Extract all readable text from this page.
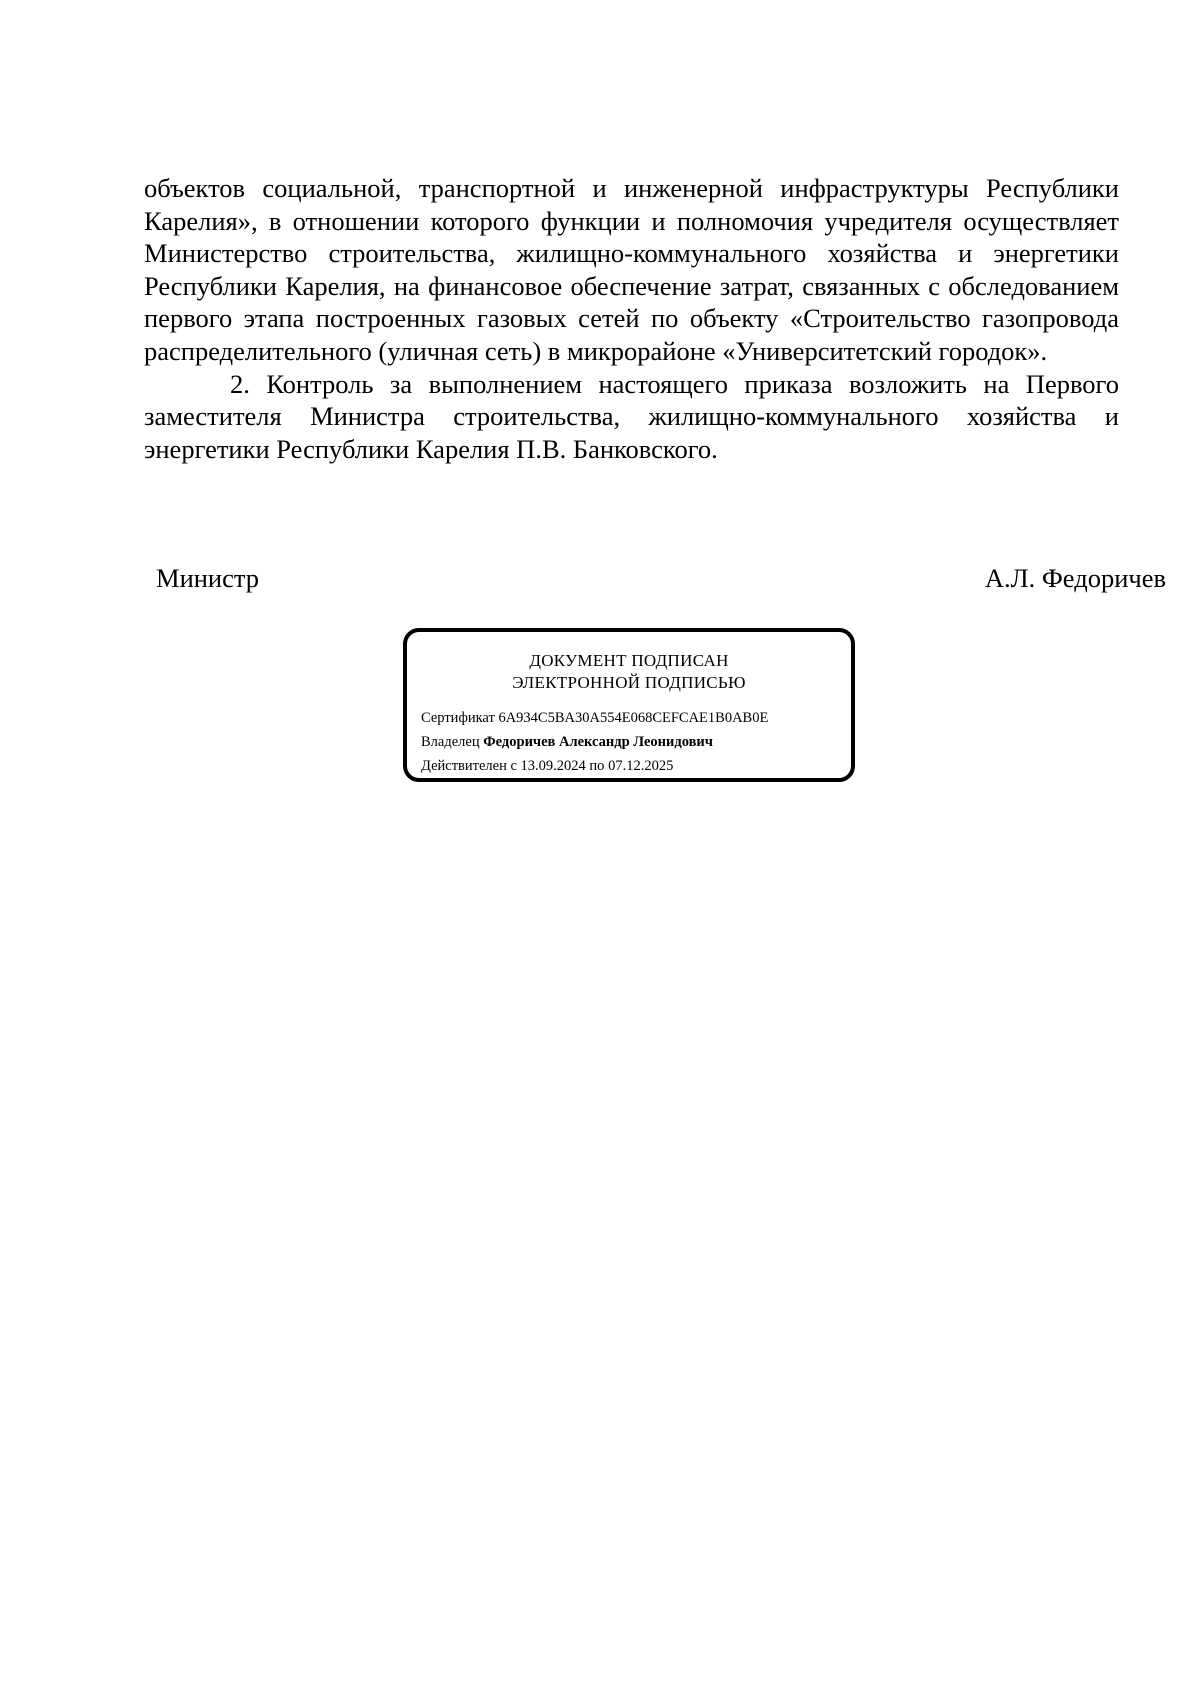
объектов социальной, транспортной и инженерной инфраструктуры Республики Карелия», в отношении которого функции и полномочия учредителя осуществляет Министерство строительства, жилищно-коммунального хозяйства и энергетики Республики Карелия, на финансовое обеспечение затрат, связанных с обследованием первого этапа построенных газовых сетей по объекту «Строительство газопровода распределительного (уличная сеть) в микрорайоне «Университетский городок».

2. Контроль за выполнением настоящего приказа возложить на Первого заместителя Министра строительства, жилищно-коммунального хозяйства и энергетики Республики Карелия П.В. Банковского.

Министр	А.Л. Федоричев
ДОКУМЕНТ ПОДПИСАН
ЭЛЕКТРОННОЙ ПОДПИСЬЮ
Сертификат 6A934C5BA30A554E068CEFCAE1B0AB0E
Владелец Федоричев Александр Леонидович
Действителен с 13.09.2024 по 07.12.2025
